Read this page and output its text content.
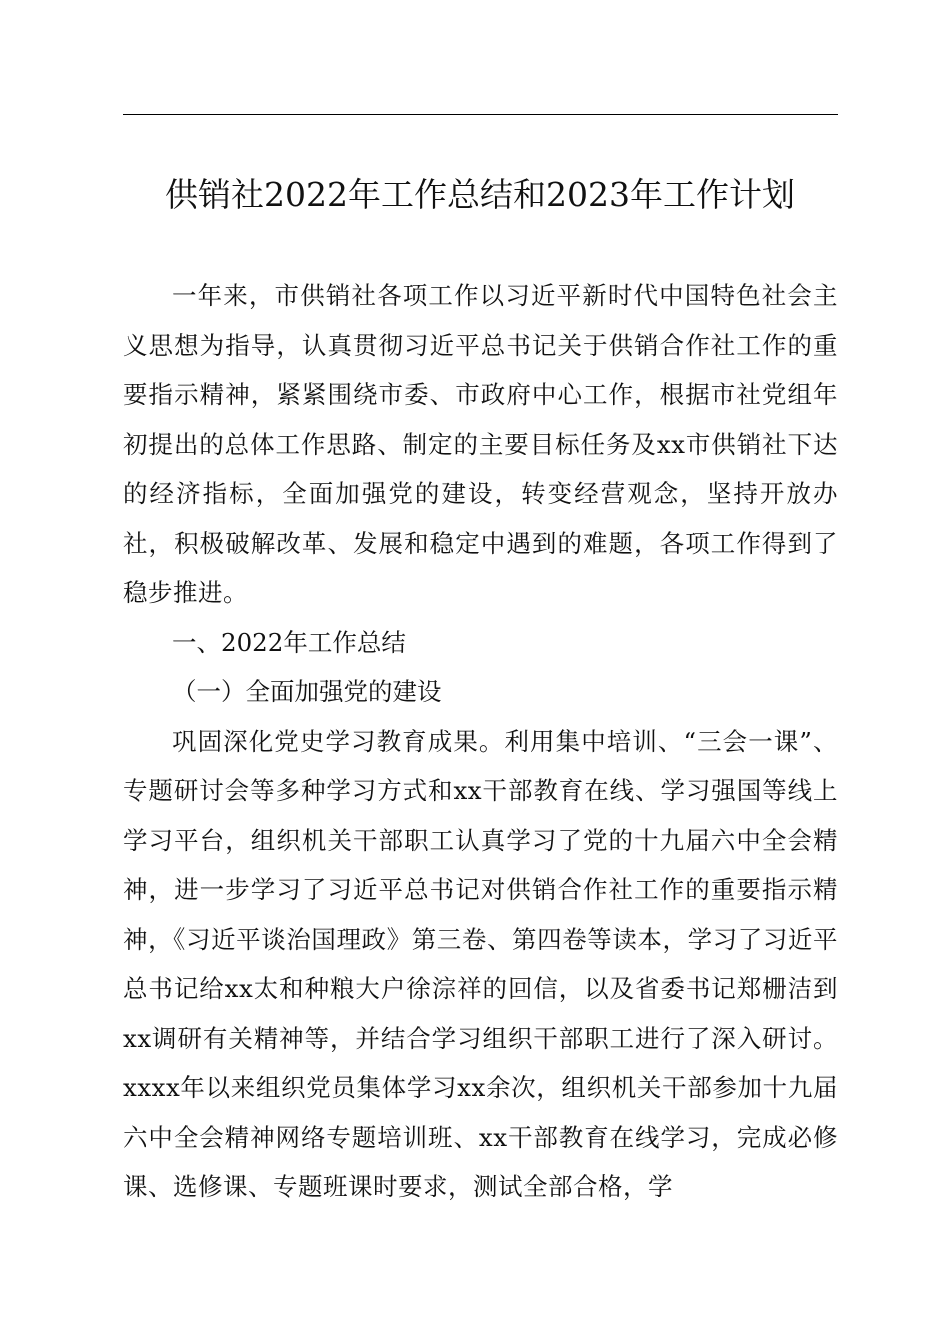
供销社2022年工作总结和2023年工作计划

一年来，市供销社各项工作以习近平新时代中国特色社会主义思想为指导，认真贯彻习近平总书记关于供销合作社工作的重要指示精神，紧紧围绕市委、市政府中心工作，根据市社党组年初提出的总体工作思路、制定的主要目标任务及xx市供销社下达的经济指标，全面加强党的建设，转变经营观念，坚持开放办社，积极破解改革、发展和稳定中遇到的难题，各项工作得到了稳步推进。

一、2022年工作总结

（一）全面加强党的建设

巩固深化党史学习教育成果。利用集中培训、“三会一课”、专题研讨会等多种学习方式和xx干部教育在线、学习强国等线上学习平台，组织机关干部职工认真学习了党的十九届六中全会精神，进一步学习了习近平总书记对供销合作社工作的重要指示精神，《习近平谈治国理政》第三卷、第四卷等读本，学习了习近平总书记给xx太和种粮大户徐淙祥的回信，以及省委书记郑栅洁到xx调研有关精神等，并结合学习组织干部职工进行了深入研讨。xxxx年以来组织党员集体学习xx余次，组织机关干部参加十九届六中全会精神网络专题培训班、xx干部教育在线学习，完成必修课、选修课、专题班课时要求，测试全部合格，学
